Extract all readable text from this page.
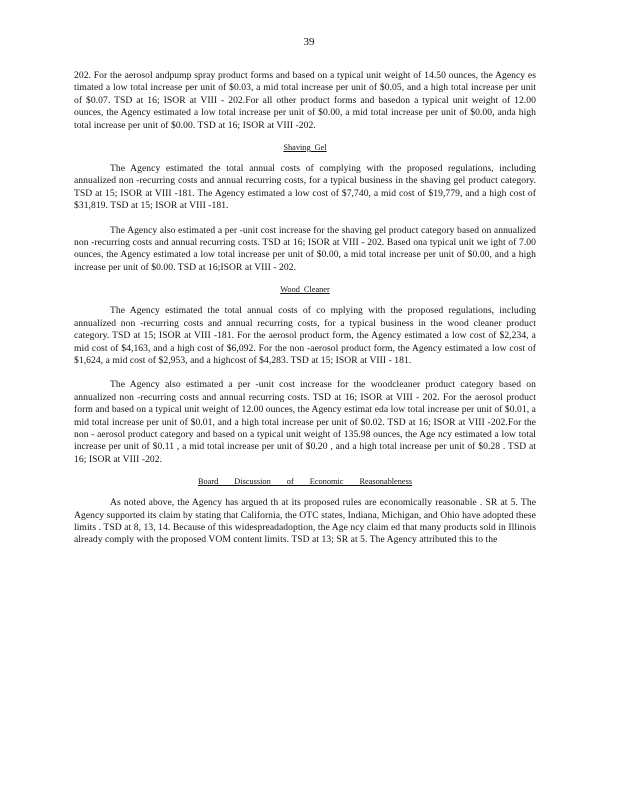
39

202. For the aerosol andpump spray product forms and based on a typical unit weight of 14.50 ounces, the Agency es timated a low total increase per unit of $0.03, a mid total increase per unit of $0.05, and a high total increase per unit of $0.07. TSD at 16; ISOR at VIII - 202.For all other product forms and basedon a typical unit weight of 12.00 ounces, the Agency estimated a low total increase per unit of $0.00, a mid total increase per unit of $0.00, anda high total increase per unit of $0.00. TSD at 16; ISOR at VIII -202.

Shaving Gel

The Agency estimated the total annual costs of complying with the proposed regulations, including annualized non -recurring costs and annual recurring costs, for a typical business in the shaving gel product category. TSD at 15; ISOR at VIII -181. The Agency estimated a low cost of $7,740, a mid cost of $19,779, and a high cost of $31,819. TSD at 15; ISOR at VIII -181.

The Agency also estimated a per -unit cost increase for the shaving gel product category based on annualized non -recurring costs and annual recurring costs. TSD at 16; ISOR at VIII - 202. Based ona typical unit we ight of 7.00 ounces, the Agency estimated a low total increase per unit of $0.00, a mid total increase per unit of $0.00, and a high increase per unit of $0.00. TSD at 16;ISOR at VIII - 202.

Wood Cleaner

The Agency estimated the total annual costs of co mplying with the proposed regulations, including annualized non -recurring costs and annual recurring costs, for a typical business in the wood cleaner product category. TSD at 15; ISOR at VIII -181. For the aerosol product form, the Agency estimated a low cost of $2,234, a mid cost of $4,163, and a high cost of $6,092. For the non -aerosol product form, the Agency estimated a low cost of $1,624, a mid cost of $2,953, and a highcost of $4,283. TSD at 15; ISOR at VIII - 181.

The Agency also estimated a per -unit cost increase for the woodcleaner product category based on annualized non -recurring costs and annual recurring costs. TSD at 16; ISOR at VIII - 202. For the aerosol product form and based on a typical unit weight of 12.00 ounces, the Agency estimat eda low total increase per unit of $0.01, a mid total increase per unit of $0.01, and a high total increase per unit of $0.02. TSD at 16; ISOR at VIII -202.For the non - aerosol product category and based on a typical unit weight of 135.98 ounces, the Age ncy estimated a low total increase per unit of $0.11 , a mid total increase per unit of $0.20 , and a high total increase per unit of $0.28 . TSD at 16; ISOR at VIII -202.

Board Discussion of Economic Reasonableness

As noted above, the Agency has argued th at its proposed rules are economically reasonable . SR at 5. The Agency supported its claim by stating that California, the OTC states, Indiana, Michigan, and Ohio have adopted these limits . TSD at 8, 13, 14. Because of this widespreadadoption, the Age ncy claim ed that many products sold in Illinois already comply with the proposed VOM content limits. TSD at 13; SR at 5. The Agency attributed this to the
